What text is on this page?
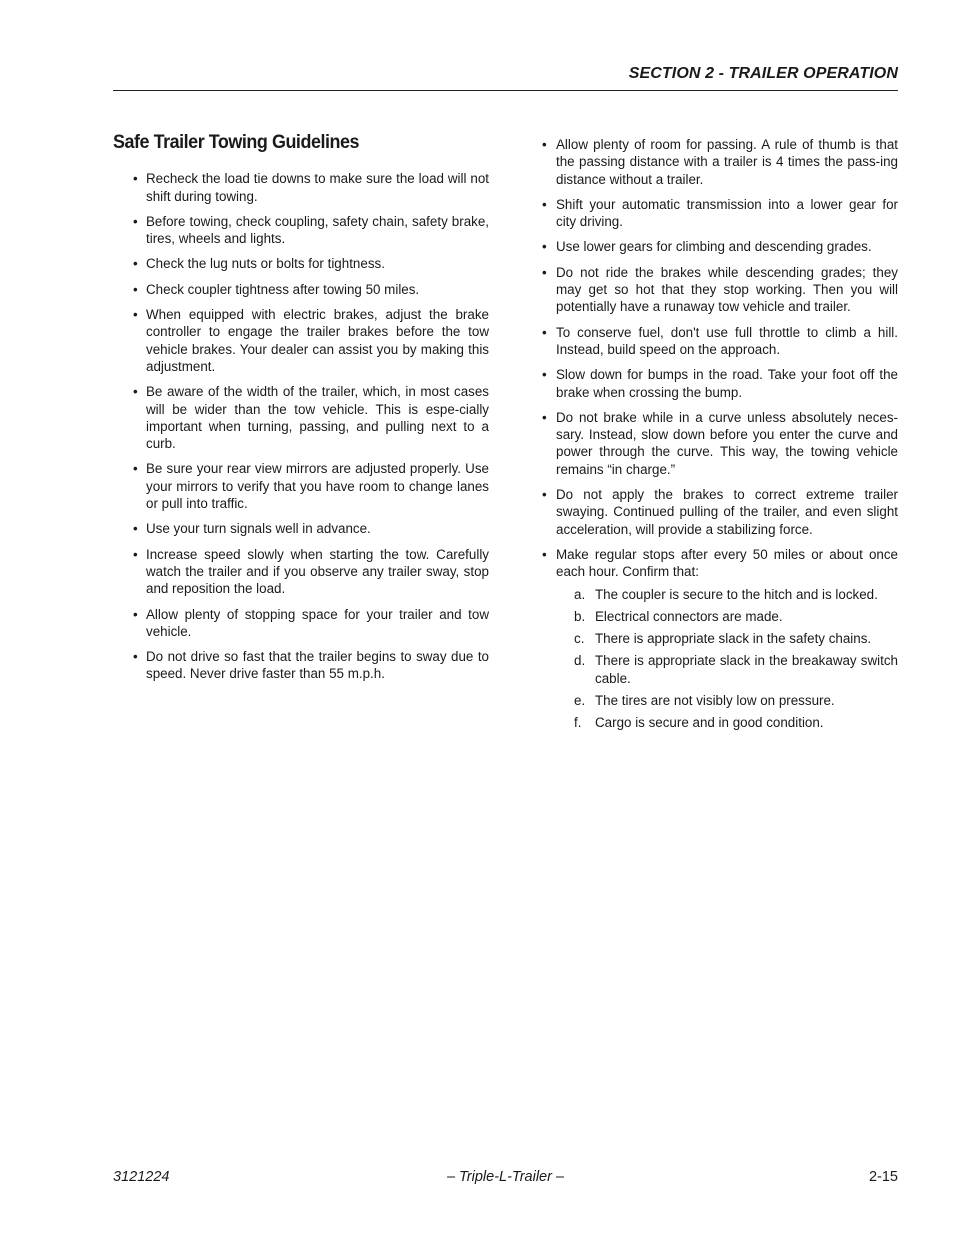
SECTION 2 - TRAILER OPERATION
Safe Trailer Towing Guidelines
• Recheck the load tie downs to make sure the load will not shift during towing.
• Before towing, check coupling, safety chain, safety brake, tires, wheels and lights.
• Check the lug nuts or bolts for tightness.
• Check coupler tightness after towing 50 miles.
• When equipped with electric brakes, adjust the brake controller to engage the trailer brakes before the tow vehicle brakes. Your dealer can assist you by making this adjustment.
• Be aware of the width of the trailer, which, in most cases will be wider than the tow vehicle. This is espe-cially important when turning, passing, and pulling next to a curb.
• Be sure your rear view mirrors are adjusted properly. Use your mirrors to verify that you have room to change lanes or pull into traffic.
• Use your turn signals well in advance.
• Increase speed slowly when starting the tow. Carefully watch the trailer and if you observe any trailer sway, stop and reposition the load.
• Allow plenty of stopping space for your trailer and tow vehicle.
• Do not drive so fast that the trailer begins to sway due to speed. Never drive faster than 55 m.p.h.
• Allow plenty of room for passing. A rule of thumb is that the passing distance with a trailer is 4 times the pass-ing distance without a trailer.
• Shift your automatic transmission into a lower gear for city driving.
• Use lower gears for climbing and descending grades.
• Do not ride the brakes while descending grades; they may get so hot that they stop working. Then you will potentially have a runaway tow vehicle and trailer.
• To conserve fuel, don't use full throttle to climb a hill. Instead, build speed on the approach.
• Slow down for bumps in the road. Take your foot off the brake when crossing the bump.
• Do not brake while in a curve unless absolutely neces-sary. Instead, slow down before you enter the curve and power through the curve. This way, the towing vehicle remains “in charge.”
• Do not apply the brakes to correct extreme trailer swaying. Continued pulling of the trailer, and even slight acceleration, will provide a stabilizing force.
• Make regular stops after every 50 miles or about once each hour. Confirm that:
a. The coupler is secure to the hitch and is locked.
b. Electrical connectors are made.
c. There is appropriate slack in the safety chains.
d. There is appropriate slack in the breakaway switch cable.
e. The tires are not visibly low on pressure.
f. Cargo is secure and in good condition.
3121224	– Triple-L-Trailer –	2-15
